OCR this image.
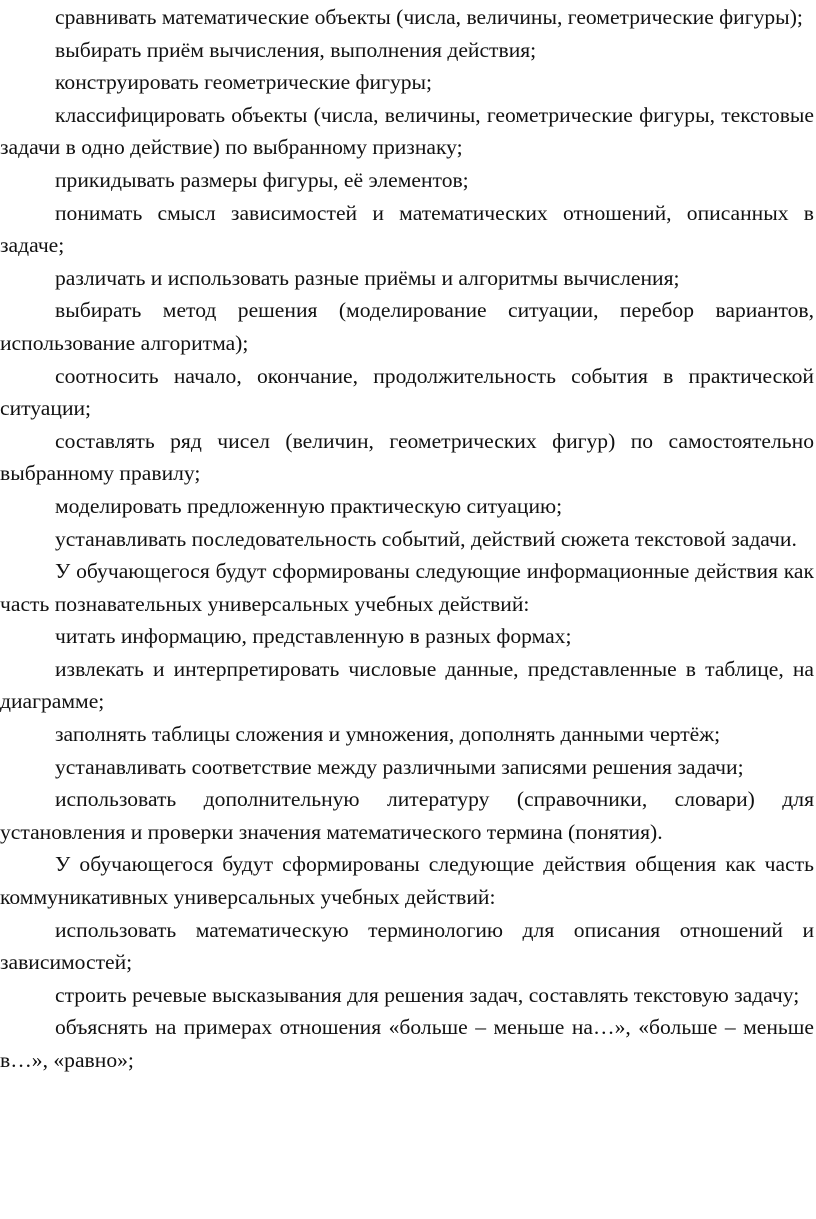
сравнивать математические объекты (числа, величины, геометрические фигуры);

выбирать приём вычисления, выполнения действия;

конструировать геометрические фигуры;

классифицировать объекты (числа, величины, геометрические фигуры, текстовые задачи в одно действие) по выбранному признаку;

прикидывать размеры фигуры, её элементов;

понимать смысл зависимостей и математических отношений, описанных в задаче;

различать и использовать разные приёмы и алгоритмы вычисления;

выбирать метод решения (моделирование ситуации, перебор вариантов, использование алгоритма);

соотносить начало, окончание, продолжительность события в практической ситуации;

составлять ряд чисел (величин, геометрических фигур) по самостоятельно выбранному правилу;

моделировать предложенную практическую ситуацию;

устанавливать последовательность событий, действий сюжета текстовой задачи.

У обучающегося будут сформированы следующие информационные действия как часть познавательных универсальных учебных действий:

читать информацию, представленную в разных формах;

извлекать и интерпретировать числовые данные, представленные в таблице, на диаграмме;

заполнять таблицы сложения и умножения, дополнять данными чертёж;

устанавливать соответствие между различными записями решения задачи;

использовать дополнительную литературу (справочники, словари) для установления и проверки значения математического термина (понятия).

У обучающегося будут сформированы следующие действия общения как часть коммуникативных универсальных учебных действий:

использовать математическую терминологию для описания отношений и зависимостей;

строить речевые высказывания для решения задач, составлять текстовую задачу;

объяснять на примерах отношения «больше – меньше на…», «больше – меньше в…», «равно»;
